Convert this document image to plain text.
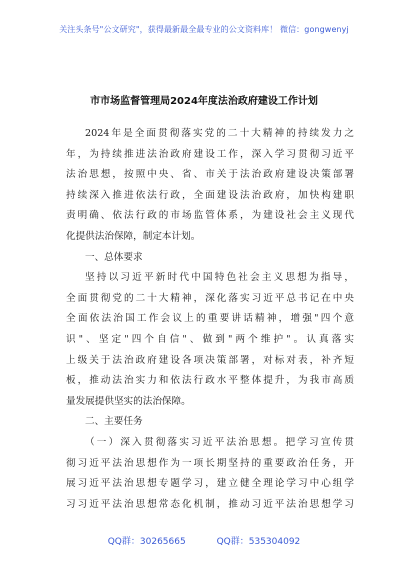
关注头条号"公文研究"，获得最新最全最专业的公文资料库！ 微信：gongwenyj
市市场监督管理局2024年度法治政府建设工作计划
2024年是全面贯彻落实党的二十大精神的持续发力之
年，为持续推进法治政府建设工作，深入学习贯彻习近平
法治思想，按照中央、省、市关于法治政府建设决策部署
持续深入推进依法行政，全面建设法治政府，加快构建职
责明确、依法行政的市场监管体系，为建设社会主义现代
化提供法治保障，制定本计划。
一、总体要求
坚持以习近平新时代中国特色社会主义思想为指导，
全面贯彻党的二十大精神，深化落实习近平总书记在中央
全面依法治国工作会议上的重要讲话精神，增强"四个意
识"、坚定"四个自信"、做到"两个维护"。认真落实
上级关于法治政府建设各项决策部署，对标对表，补齐短
板，推动法治实力和依法行政水平整体提升，为我市高质
量发展提供坚实的法治保障。
二、主要任务
（一）深入贯彻落实习近平法治思想。把学习宣传贯
彻习近平法治思想作为一项长期坚持的重要政治任务，开
展习近平法治思想专题学习，建立健全理论学习中心组学
习习近平法治思想常态化机制，推动习近平法治思想学习
QQ群：30265665	QQ群：535304092
